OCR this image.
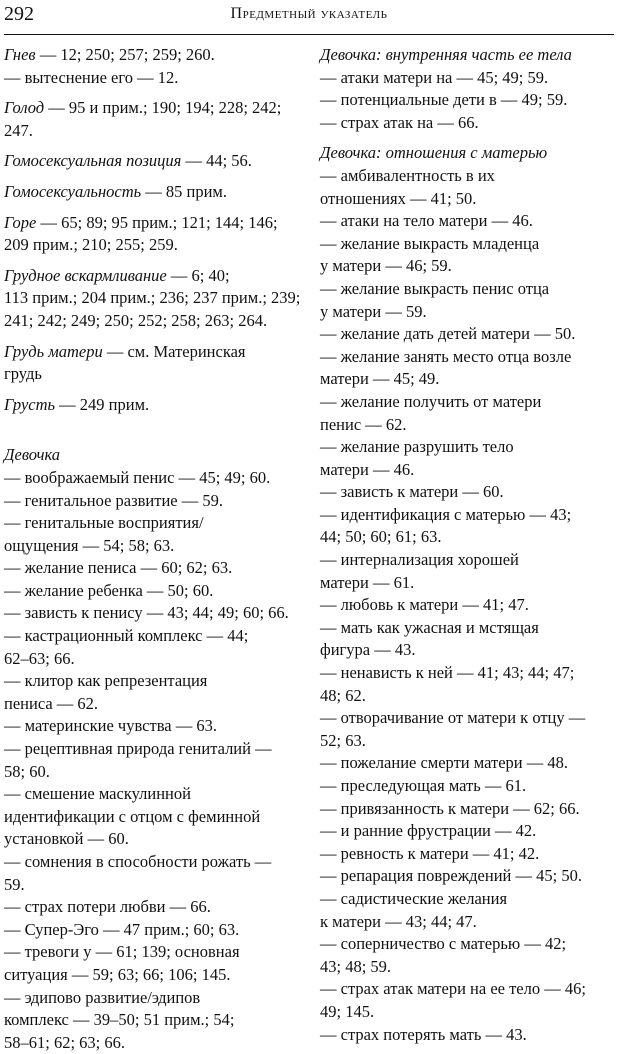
292	Предметный указатель
Гнев — 12; 250; 257; 259; 260.
— вытеснение его — 12.
Голод — 95 и прим.; 190; 194; 228; 242;
247.
Гомосексуальная позиция — 44; 56.
Гомосексуальность — 85 прим.
Горе — 65; 89; 95 прим.; 121; 144; 146;
209 прим.; 210; 255; 259.
Грудное вскармливание — 6; 40;
113 прим.; 204 прим.; 236; 237 прим.; 239;
241; 242; 249; 250; 252; 258; 263; 264.
Грудь матери — см. Материнская
грудь
Грусть — 249 прим.
Девочка
— воображаемый пенис — 45; 49; 60.
— генитальное развитие — 59.
— генитальные восприятия/
ощущения — 54; 58; 63.
— желание пениса — 60; 62; 63.
— желание ребенка — 50; 60.
— зависть к пенису — 43; 44; 49; 60; 66.
— кастрационный комплекс — 44;
62–63; 66.
— клитор как репрезентация
пениса — 62.
— материнские чувства — 63.
— рецептивная природа гениталий —
58; 60.
— смешение маскулинной
идентификации с отцом с феминной
установкой — 60.
— сомнения в способности рожать —
59.
— страх потери любви — 66.
— Супер-Эго — 47 прим.; 60; 63.
— тревоги у — 61; 139; основная
ситуация — 59; 63; 66; 106; 145.
— эдипово развитие/эдипов
комплекс — 39–50; 51 прим.; 54;
58–61; 62; 63; 66.
Девочка: внутренняя часть ее тела
— атаки матери на — 45; 49; 59.
— потенциальные дети в — 49; 59.
— страх атак на — 66.
Девочка: отношения с матерью
— амбивалентность в их
отношениях — 41; 50.
— атаки на тело матери — 46.
— желание выкрасть младенца
у матери — 46; 59.
— желание выкрасть пенис отца
у матери — 59.
— желание дать детей матери — 50.
— желание занять место отца возле
матери — 45; 49.
— желание получить от матери
пенис — 62.
— желание разрушить тело
матери — 46.
— зависть к матери — 60.
— идентификация с матерью — 43;
44; 50; 60; 61; 63.
— интернализация хорошей
матери — 61.
— любовь к матери — 41; 47.
— мать как ужасная и мстящая
фигура — 43.
— ненависть к ней — 41; 43; 44; 47;
48; 62.
— отворачивание от матери к отцу —
52; 63.
— пожелание смерти матери — 48.
— преследующая мать — 61.
— привязанность к матери — 62; 66.
— и ранние фрустрации — 42.
— ревность к матери — 41; 42.
— репарация повреждений — 45; 50.
— садистические желания
к матери — 43; 44; 47.
— соперничество с матерью — 42;
43; 48; 59.
— страх атак матери на ее тело — 46;
49; 145.
— страх потерять мать — 43.
